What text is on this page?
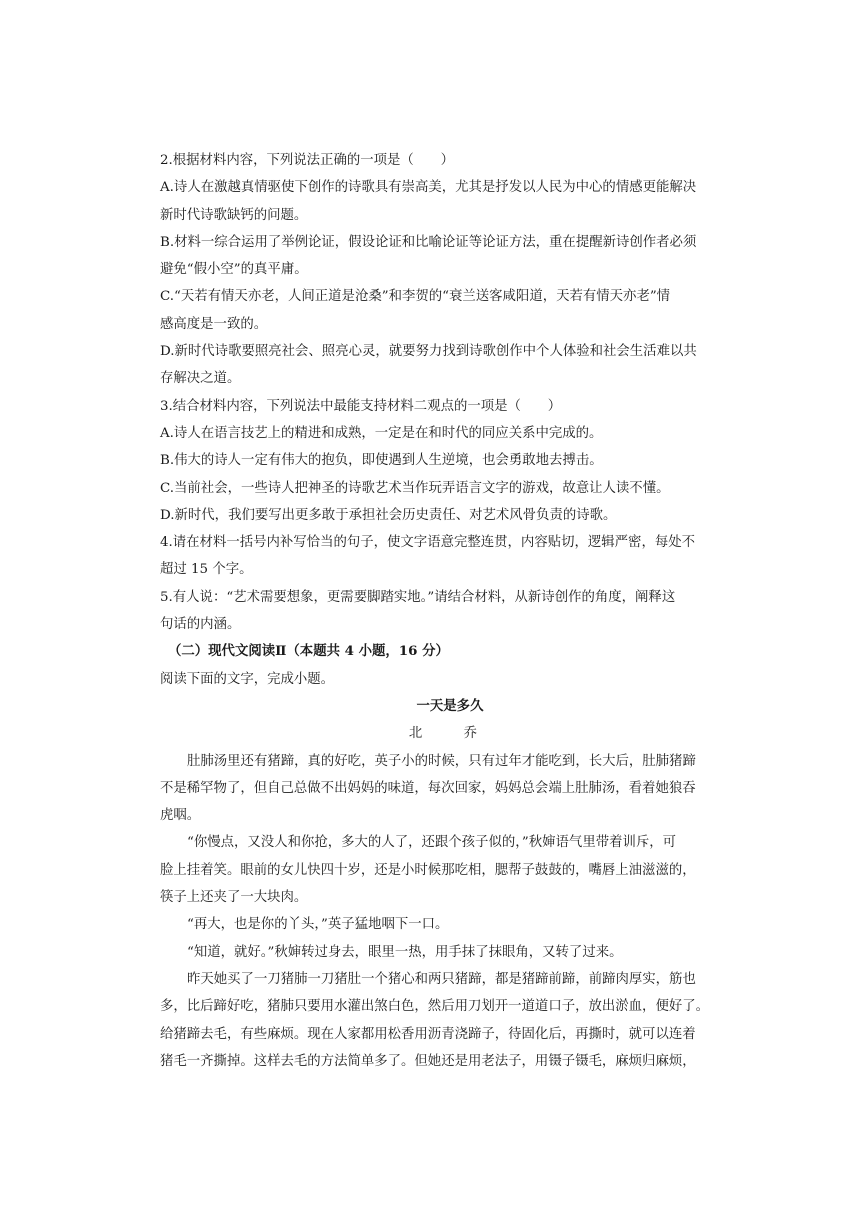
2.根据材料内容，下列说法正确的一项是（　　）
A.诗人在激越真情驱使下创作的诗歌具有崇高美，尤其是抒发以人民为中心的情感更能解决
新时代诗歌缺钙的问题。
B.材料一综合运用了举例论证，假设论证和比喻论证等论证方法，重在提醒新诗创作者必须
避免“假小空”的真平庸。
C.“天若有情天亦老，人间正道是沧桑”和李贺的“衰兰送客咸阳道，天若有情天亦老”情
感高度是一致的。
D.新时代诗歌要照亮社会、照亮心灵，就要努力找到诗歌创作中个人体验和社会生活难以共
存解决之道。
3.结合材料内容，下列说法中最能支持材料二观点的一项是（　　）
A.诗人在语言技艺上的精进和成熟，一定是在和时代的同应关系中完成的。
B.伟大的诗人一定有伟大的抱负，即使遇到人生逆境，也会勇敢地去搏击。
C.当前社会，一些诗人把神圣的诗歌艺术当作玩弄语言文字的游戏，故意让人读不懂。
D.新时代，我们要写出更多敢于承担社会历史责任、对艺术风骨负责的诗歌。
4.请在材料一括号内补写恰当的句子，使文字语意完整连贯，内容贴切，逻辑严密，每处不
超过 15 个字。
5.有人说：“艺术需要想象，更需要脚踏实地。”请结合材料，从新诗创作的角度，阐释这
句话的内涵。
（二）现代文阅读Ⅱ（本题共 4 小题，16 分）
阅读下面的文字，完成小题。
一天是多久
北　乔
肚肺汤里还有猪蹄，真的好吃，英子小的时候，只有过年才能吃到，长大后，肚肺猪蹄
不是稀罕物了，但自己总做不出妈妈的味道，每次回家，妈妈总会端上肚肺汤，看着她狼吞
虎咽。
“你慢点，又没人和你抢，多大的人了，还跟个孩子似的，”秋婶语气里带着训斥，可
脸上挂着笑。眼前的女儿快四十岁，还是小时候那吃相，腮帮子鼓鼓的，嘴唇上油滋滋的，
筷子上还夹了一大块肉。
“再大，也是你的丫头，”英子猛地咽下一口。
“知道，就好。”秋婶转过身去，眼里一热，用手抹了抹眼角，又转了过来。
昨天她买了一刀猪肺一刀猪肚一个猪心和两只猪蹄，都是猪蹄前蹄，前蹄肉厚实，筋也
多，比后蹄好吃，猪肺只要用水灌出煞白色，然后用刀划开一道道口子，放出淤血，便好了。
给猪蹄去毛，有些麻烦。现在人家都用松香用沥青浇蹄子，待固化后，再撕时，就可以连着
猪毛一齐撕掉。这样去毛的方法简单多了。但她还是用老法子，用镊子镊毛，麻烦归麻烦，
